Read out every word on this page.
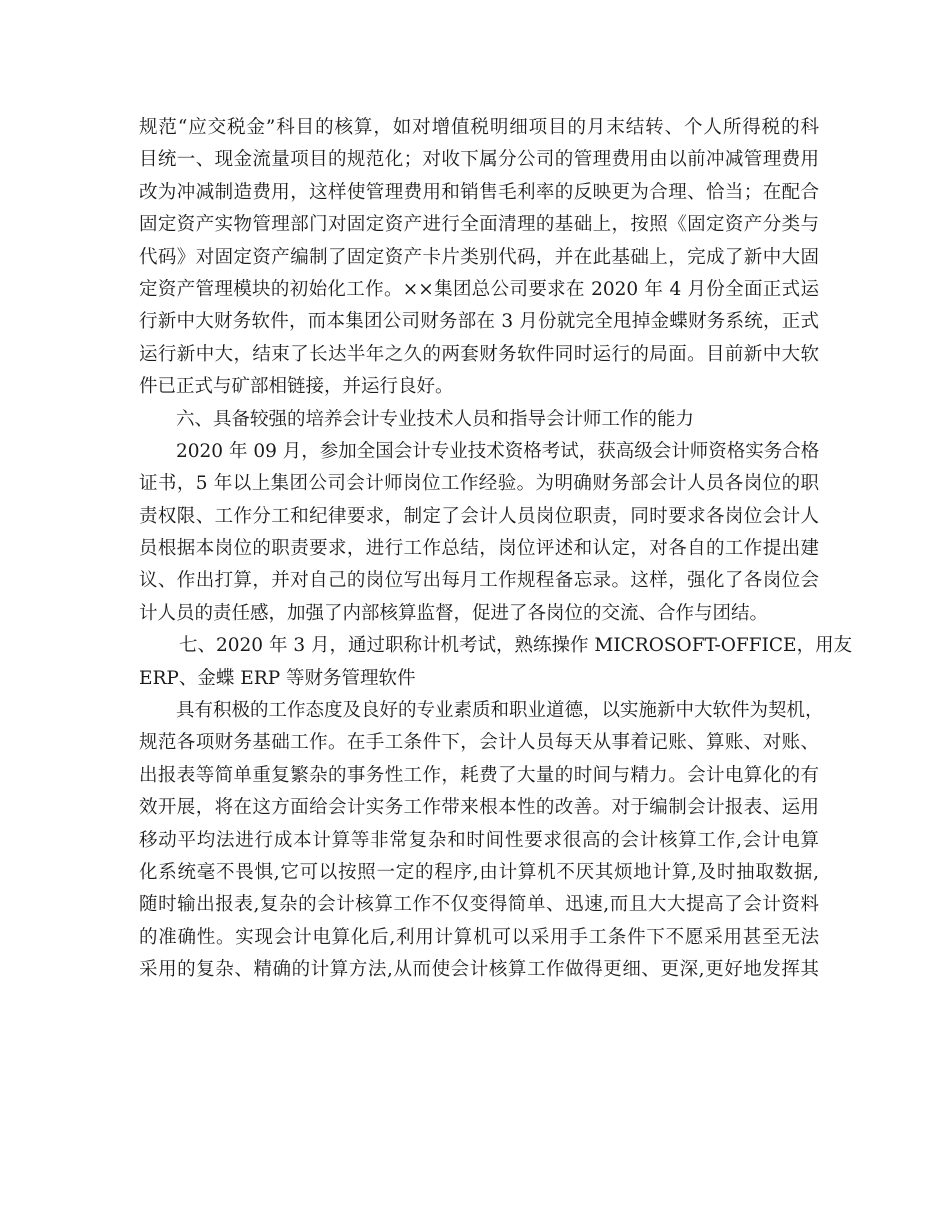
规范“应交税金”科目的核算，如对增值税明细项目的月末结转、个人所得税的科
目统一、现金流量项目的规范化；对收下属分公司的管理费用由以前冲减管理费用
改为冲减制造费用，这样使管理费用和销售毛利率的反映更为合理、恰当；在配合
固定资产实物管理部门对固定资产进行全面清理的基础上，按照《固定资产分类与
代码》对固定资产编制了固定资产卡片类别代码，并在此基础上，完成了新中大固
定资产管理模块的初始化工作。××集团总公司要求在 2020 年 4 月份全面正式运
行新中大财务软件，而本集团公司财务部在 3 月份就完全甩掉金蝶财务系统，正式
运行新中大，结束了长达半年之久的两套财务软件同时运行的局面。目前新中大软
件已正式与矿部相链接，并运行良好。
六、具备较强的培养会计专业技术人员和指导会计师工作的能力
2020 年 09 月，参加全国会计专业技术资格考试，获高级会计师资格实务合格
证书，5 年以上集团公司会计师岗位工作经验。为明确财务部会计人员各岗位的职
责权限、工作分工和纪律要求，制定了会计人员岗位职责，同时要求各岗位会计人
员根据本岗位的职责要求，进行工作总结，岗位评述和认定，对各自的工作提出建
议、作出打算，并对自己的岗位写出每月工作规程备忘录。这样，强化了各岗位会
计人员的责任感，加强了内部核算监督，促进了各岗位的交流、合作与团结。
七、2020 年 3 月，通过职称计机考试，熟练操作 MICROSOFT-OFFICE，用友
ERP、金蝶 ERP 等财务管理软件
具有积极的工作态度及良好的专业素质和职业道德，以实施新中大软件为契机，
规范各项财务基础工作。在手工条件下，会计人员每天从事着记账、算账、对账、
出报表等简单重复繁杂的事务性工作，耗费了大量的时间与精力。会计电算化的有
效开展，将在这方面给会计实务工作带来根本性的改善。对于编制会计报表、运用
移动平均法进行成本计算等非常复杂和时间性要求很高的会计核算工作,会计电算
化系统毫不畏惧,它可以按照一定的程序,由计算机不厌其烦地计算,及时抽取数据,
随时输出报表,复杂的会计核算工作不仅变得简单、迅速,而且大大提高了会计资料
的准确性。实现会计电算化后,利用计算机可以采用手工条件下不愿采用甚至无法
采用的复杂、精确的计算方法,从而使会计核算工作做得更细、更深,更好地发挥其
